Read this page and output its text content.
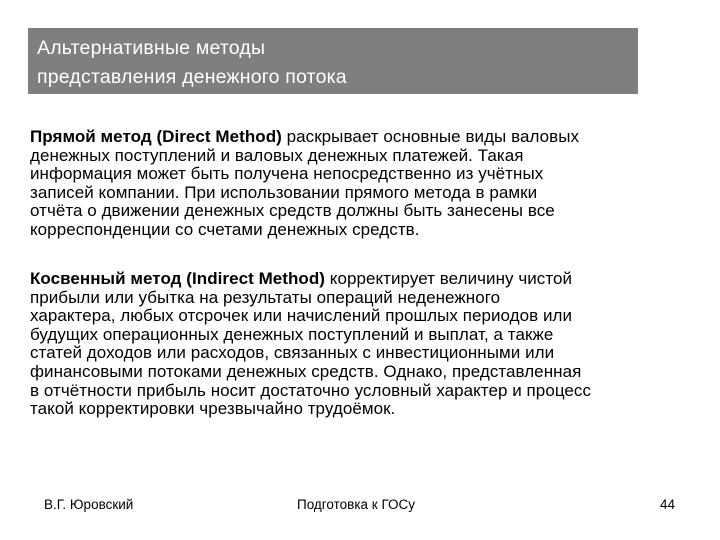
Альтернативные методы
представления денежного потока
Прямой метод (Direct Method) раскрывает основные виды валовых
денежных поступлений и валовых денежных платежей. Такая
информация может быть получена непосредственно из учётных
записей компании. При использовании прямого метода в рамки
отчёта о движении денежных средств должны быть занесены все
корреспонденции со счетами денежных средств.
Косвенный метод (Indirect Method) корректирует величину чистой
прибыли или убытка на результаты операций неденежного
характера, любых отсрочек или начислений прошлых периодов или
будущих операционных денежных поступлений и выплат, а также
статей доходов или расходов, связанных с инвестиционными или
финансовыми потоками денежных средств. Однако, представленная
в отчётности прибыль носит достаточно условный характер и процесс
такой корректировки чрезвычайно трудоёмок.
В.Г. Юровский	Подготовка к ГОСу	44
